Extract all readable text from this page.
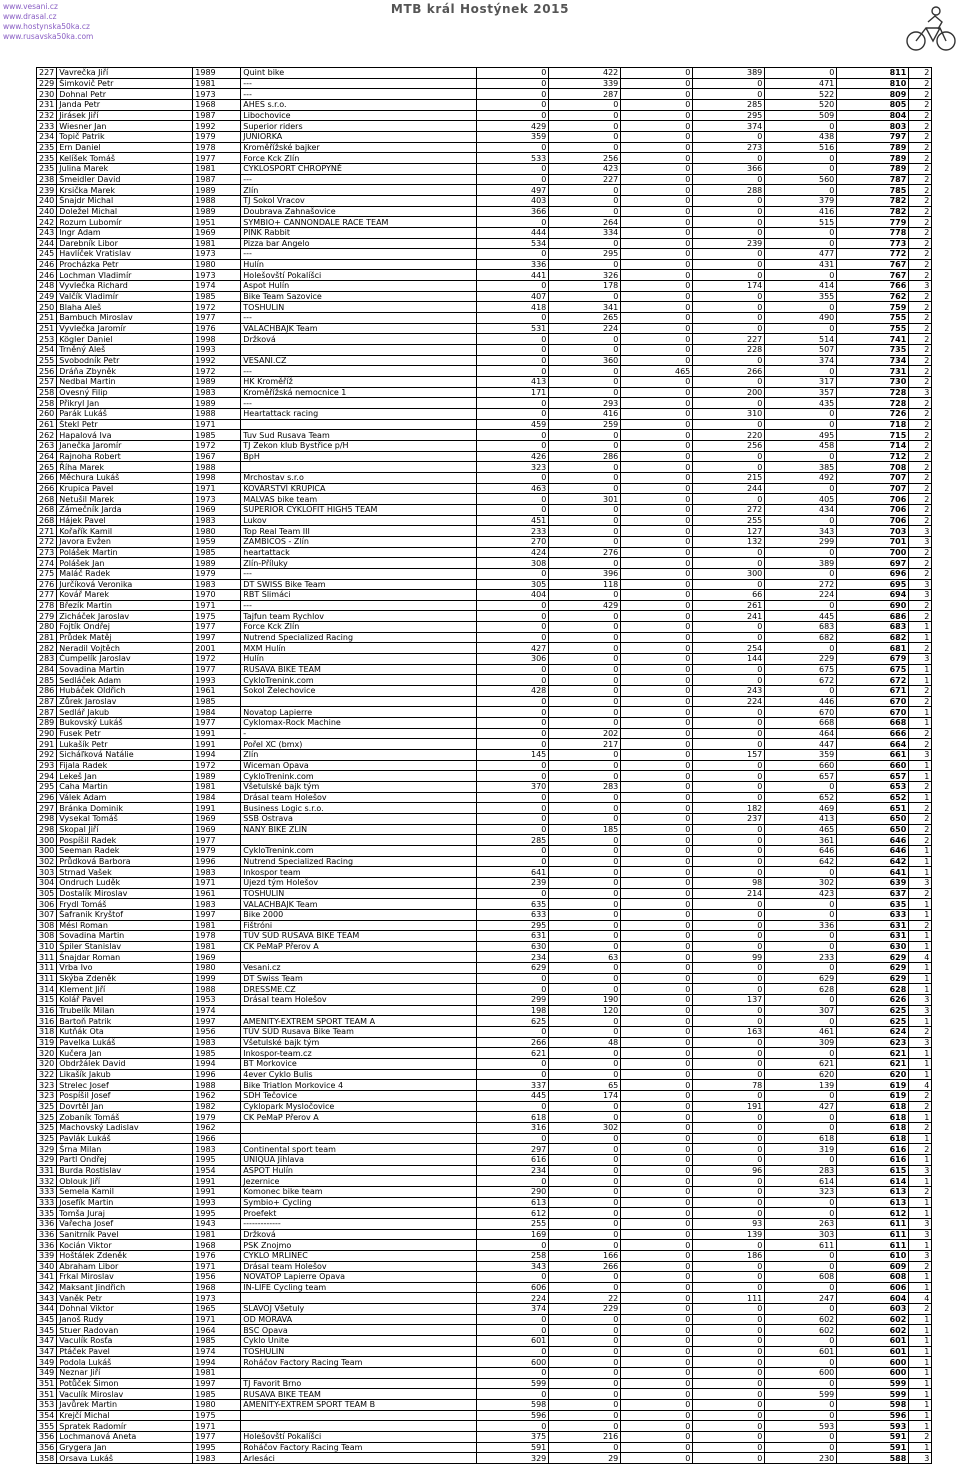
www.vesani.cz
www.drasal.cz
www.hostynska50ka.cz
www.rusavska50ka.com
MTB král Hostýnek 2015
227	Vavrečka Jiří	1989	Quint bike	0	422	0	389	0	811	2
229	Šimkovič Petr	1981	---	0	339	0	0	471	810	2
230	Dohnal Petr	1973	---	0	287	0	0	522	809	2
231	Janda Petr	1968	AHES s.r.o.	0	0	0	285	520	805	2
232	Jirásek Jiří	1987	Libochovice	0	0	0	295	509	804	2
233	Wiesner Jan	1992	Superior riders	429	0	0	374	0	803	2
234	Topič Patrik	1979	JUNIORKA	359	0	0	0	438	797	2
235	Ern Daniel	1978	Kroměřížské bajker	0	0	0	273	516	789	2
235	Kelíšek Tomáš	1977	Force Kck Zlín	533	256	0	0	0	789	2
235	Julina Marek	1981	CYKLOSPORT CHROPYNĚ	0	423	0	366	0	789	2
238	Šmeidler David	1987	---	0	227	0	0	560	787	2
239	Krsička Marek	1989	Zlín	497	0	0	288	0	785	2
240	Šnajdr Michal	1988	TJ Sokol Vracov	403	0	0	0	379	782	2
240	Doležel Michal	1989	Doubrava Zahnašovice	366	0	0	0	416	782	2
242	Rozum Lubomír	1951	SYMBIO+ CANNONDALE RACE TEAM	0	264	0	0	515	779	2
243	Ingr Adam	1969	PINK Rabbit	444	334	0	0	0	778	2
244	Darebník Libor	1981	Pizza bar Angelo	534	0	0	239	0	773	2
245	Havlíček Vratislav	1973	---	0	295	0	0	477	772	2
246	Procházka Petr	1980	Hulín	336	0	0	0	431	767	2
246	Lochman Vladimír	1973	Holešovští Pokalíšci	441	326	0	0	0	767	2
248	Vyvlečka Richard	1974	Aspot Hulín	0	178	0	174	414	766	3
249	Valčík Vladimír	1985	Bike Team Sazovice	407	0	0	0	355	762	2
250	Blaha Aleš	1972	TOSHULIN	418	341	0	0	0	759	2
251	Bambuch Miroslav	1977	---	0	265	0	0	490	755	2
251	Vyvlečka Jaromír	1976	VALACHBAJK Team	531	224	0	0	0	755	2
253	Kögler Daniel	1998	Držková	0	0	0	227	514	741	2
254	Trněný Aleš	1993		0	0	0	228	507	735	2
255	Svobodník Petr	1992	VESANI.CZ	0	360	0	0	374	734	2
256	Dráňa Zbyněk	1972	---	0	0	465	266	0	731	2
257	Nedbal Martin	1989	HK Kroměříž	413	0	0	0	317	730	2
258	Ovesný Filip	1983	Kroměřížská nemocnice 1	171	0	0	200	357	728	3
258	Přikryl Jan	1989	---	0	293	0	0	435	728	2
260	Parák Lukáš	1988	Heartattack racing	0	416	0	310	0	726	2
261	Štekl Petr	1971		459	259	0	0	0	718	2
262	Hapalová Iva	1985	Tuv Sud Rusava Team	0	0	0	220	495	715	2
263	Janečka Jaromír	1972	TJ Zekon klub Bystřice p/H	0	0	0	256	458	714	2
264	Rajnoha Robert	1967	BpH	426	286	0	0	0	712	2
265	Říha Marek	1988		323	0	0	0	385	708	2
266	Měchura Lukáš	1998	Mrchostav s.r.o	0	0	0	215	492	707	2
266	Krupica Pavel	1971	KOVÁRSTVÍ KRUPICA	463	0	0	244	0	707	2
268	Netušil Marek	1973	MALVAS bike team	0	301	0	0	405	706	2
268	Zámečník Jarda	1969	SUPERIOR CYKLOFIT HIGH5 TEAM	0	0	0	272	434	706	2
268	Hájek Pavel	1983	Lukov	451	0	0	255	0	706	2
271	Kořařík Kamil	1980	Top Real Team III	233	0	0	127	343	703	3
272	Javora Evžen	1959	ZAMBICOS - Zlín	270	0	0	132	299	701	3
273	Polášek Martin	1985	heartattack	424	276	0	0	0	700	2
274	Polášek Jan	1989	Zlín-Příluky	308	0	0	0	389	697	2
275	Maláč Radek	1979	---	0	396	0	300	0	696	2
276	Jurčíková Veronika	1983	DT SWISS Bike Team	305	118	0	0	272	695	3
277	Kovář Marek	1970	RBT Slimáci	404	0	0	66	224	694	3
278	Březík Martin	1971	---	0	429	0	261	0	690	2
279	Zicháček Jaroslav	1975	Tajfun team Rychlov	0	0	0	241	445	686	2
280	Fojtík Ondřej	1977	Force Kck Zlín	0	0	0	0	683	683	1
281	Průdek Matěj	1997	Nutrend Specialized Racing	0	0	0	0	682	682	1
282	Neradil Vojtěch	2001	MXM Hulín	427	0	0	254	0	681	2
283	Čumpelík Jaroslav	1972	Hulín	306	0	0	144	229	679	3
284	Sovadina Martin	1977	RUSAVA BIKE TEAM	0	0	0	0	675	675	1
285	Sedláček Adam	1993	CykloTrenink.com	0	0	0	0	672	672	1
286	Hubáček Oldřich	1961	Sokol Želechovice	428	0	0	243	0	671	2
287	Zůrek Jaroslav	1985		0	0	0	224	446	670	2
287	Sedlář Jakub	1984	Novatop Lapierre	0	0	0	0	670	670	1
289	Bukovský Lukáš	1977	Cyklomax-Rock Machine	0	0	0	0	668	668	1
290	Fusek Petr	1991	-	0	202	0	0	464	666	2
291	Lukašík Petr	1991	Pořel XC (bmx)	0	217	0	0	447	664	2
292	Sicháľková Natálie	1994	Zlín	145	0	0	157	359	661	3
293	Fijala Radek	1972	Wiceman Opava	0	0	0	0	660	660	1
294	Lekeš Jan	1989	CykloTrenink.com	0	0	0	0	657	657	1
295	Caha Martin	1981	Všetulské bajk tým	370	283	0	0	0	653	2
296	Válek Adam	1984	Drásal team Holešov	0	0	0	0	652	652	1
297	Bránka Dominik	1991	Business Logic s.r.o.	0	0	0	182	469	651	2
298	Vysekal Tomáš	1969	SSB Ostrava	0	0	0	237	413	650	2
298	Skopal Jiří	1969	NANY BIKE ZLIN	0	185	0	0	465	650	2
300	Pospíšil Radek	1977		285	0	0	0	361	646	2
300	Seeman Radek	1979	CykloTrenink.com	0	0	0	0	646	646	1
302	Průdková Barbora	1996	Nutrend Specialized Racing	0	0	0	0	642	642	1
303	Strnad Vašek	1983	Inkospor team	641	0	0	0	0	641	1
304	Ondruch Luděk	1971	Újezd tým Holešov	239	0	0	98	302	639	3
305	Dostalík Miroslav	1961	TOSHULIN	0	0	0	214	423	637	2
306	Frydl Tomáš	1983	VALACHBAJK Team	635	0	0	0	0	635	1
307	Šafranik Kryštof	1997	Bike 2000	633	0	0	0	0	633	1
308	Mésl Roman	1981	Fištróni	295	0	0	0	336	631	2
308	Sovadina Martin	1978	TÜV SÜD RUSAVA BIKE TEAM	631	0	0	0	0	631	1
310	Špiler Stanislav	1981	CK PeMaP Přerov A	630	0	0	0	0	630	1
311	Šnajdar Roman	1969		234	63	0	99	233	629	4
311	Vrba Ivo	1980	Vesani.cz	629	0	0	0	0	629	1
311	Skýba Zdeněk	1999	DT Swiss Team	0	0	0	0	629	629	1
314	Klement Jiří	1988	DRESSME.CZ	0	0	0	0	628	628	1
315	Kolář Pavel	1953	Drásal team Holešov	299	190	0	137	0	626	3
316	Trubelík Milan	1974		198	120	0	0	307	625	3
316	Bartoň Patrik	1997	AMENITY-EXTREM SPORT TEAM A	625	0	0	0	0	625	1
318	Kutňák Ota	1956	TÜV SÜD Rusava Bike Team	0	0	0	163	461	624	2
319	Pavelka Lukáš	1983	Všetulské bajk tým	266	48	0	0	309	623	3
320	Kučera Jan	1985	Inkospor-team.cz	621	0	0	0	0	621	1
320	Obdržálek David	1994	BT Morkovice	0	0	0	0	621	621	1
322	Likašík Jakub	1996	4ever Cyklo Bulis	0	0	0	0	620	620	1
323	Strelec Josef	1988	Bike Triatlon Morkovice 4	337	65	0	78	139	619	4
323	Pospíšil Josef	1962	SDH Tečovice	445	174	0	0	0	619	2
325	Dovrtěl Jan	1982	Cyklopark Mysločovice	0	0	0	191	427	618	2
325	Zobaník Tomáš	1979	CK PeMaP Přerov A	618	0	0	0	0	618	1
325	Machovský Ladislav	1962		316	302	0	0	0	618	2
325	Pavlák Lukáš	1966		0	0	0	0	618	618	1
329	Šrna Milan	1983	Continental sport team	297	0	0	0	319	616	2
329	Partl Ondřej	1995	UNIQUA Jihlava	616	0	0	0	0	616	1
331	Burda Rostislav	1954	ASPOT Hulín	234	0	0	96	283	615	3
332	Oblouk Jiří	1991	Jezernice	0	0	0	0	614	614	1
333	Semela Kamil	1991	Komonec bike team	290	0	0	0	323	613	2
333	Josefík Martin	1993	Symbio+ Cycling	613	0	0	0	0	613	1
335	Tomša Juraj	1995	Proefekt	612	0	0	0	0	612	1
336	Vařecha Josef	1943	-------------	255	0	0	93	263	611	3
336	Sanitrník Pavel	1981	Držková	169	0	0	139	303	611	3
336	Kocián Viktor	1968	PSK Znojmo	0	0	0	0	611	611	1
339	Hoštálek Zdeněk	1976	CYKLO MRLINEC	258	166	0	186	0	610	3
340	Abraham Libor	1971	Drásal team Holešov	343	266	0	0	0	609	2
341	Frkal Miroslav	1956	NOVATOP Lapierre Opava	0	0	0	0	608	608	1
342	Maksant Jindřich	1968	IN-LIFE Cycling team	606	0	0	0	0	606	1
343	Vaněk Petr	1973		224	22	0	111	247	604	4
344	Dohnal Viktor	1965	SLAVOJ Všetuly	374	229	0	0	0	603	2
345	Janoš Rudy	1971	OD MORAVA	0	0	0	0	602	602	1
345	Stuer Radovan	1964	BSC Opava	0	0	0	0	602	602	1
347	Vaculík Rosťa	1985	Cyklo Unite	601	0	0	0	0	601	1
347	Ptáček Pavel	1974	TOSHULIN	0	0	0	0	601	601	1
349	Podola Lukáš	1994	Roháčov Factory Racing Team	600	0	0	0	0	600	1
349	Neznar Jiří	1981		0	0	0	0	600	600	1
351	Potůček Šimon	1997	TJ Favorit Brno	599	0	0	0	0	599	1
351	Vaculík Miroslav	1985	RUSAVA BIKE TEAM	0	0	0	0	599	599	1
353	Javůrek Martin	1980	AMENITY-EXTREM SPORT TEAM B	598	0	0	0	0	598	1
354	Krejčí Michal	1975		596	0	0	0	0	596	1
355	Spratek Radomír	1971		0	0	0	0	593	593	1
356	Lochmanová Aneta	1977	Holešovští Pokalíšci	375	216	0	0	0	591	2
356	Grygera Jan	1995	Roháčov Factory Racing Team	591	0	0	0	0	591	1
358	Orsava Lukáš	1983	Arlesáci	329	29	0	0	230	588	3
